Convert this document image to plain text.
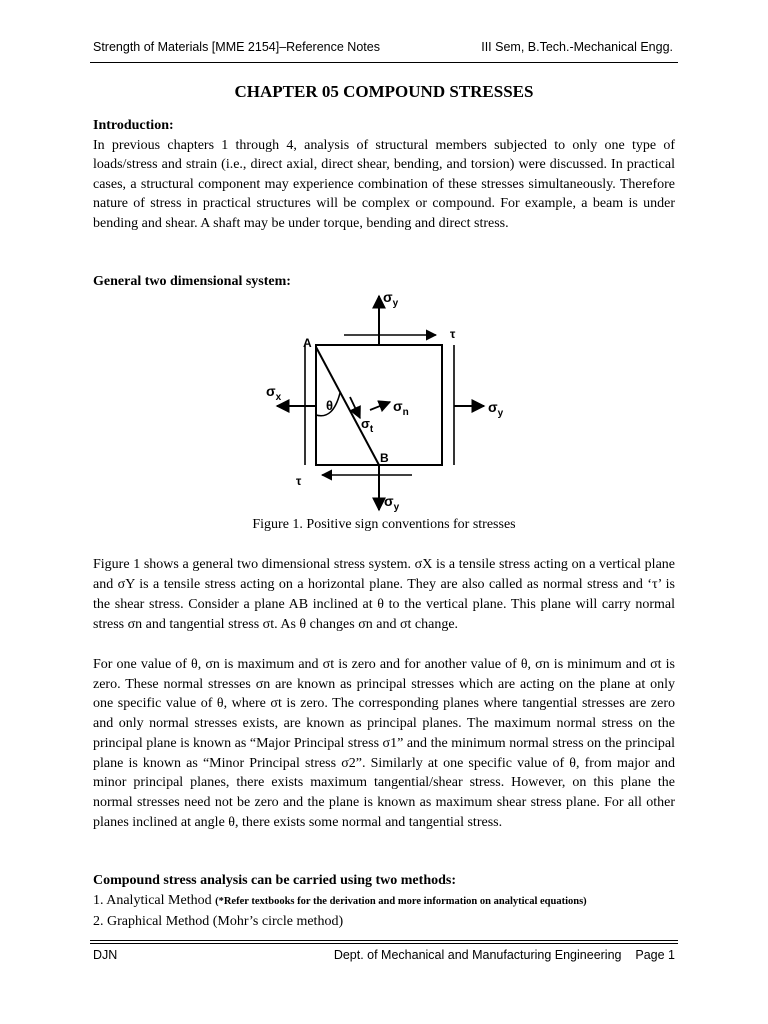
Strength of Materials [MME 2154]–Reference Notes	III Sem, B.Tech.-Mechanical Engg.
CHAPTER 05 COMPOUND STRESSES
Introduction:
In previous chapters 1 through 4, analysis of structural members subjected to only one type of loads/stress and strain (i.e., direct axial, direct shear, bending, and torsion) were discussed. In practical cases, a structural component may experience combination of these stresses simultaneously. Therefore nature of stress in practical structures will be complex or compound. For example, a beam is under bending and shear. A shaft may be under torque, bending and direct stress.
General two dimensional system:
$\sigma_y$
τ
A
$\sigma_x$
θ	$\sigma_n$
$\sigma_t$
$\sigma_y$
B
τ
$\sigma_y$
Figure 1. Positive sign conventions for stresses
Figure 1 shows a general two dimensional stress system. σX is a tensile stress acting on a vertical plane and σY is a tensile stress acting on a horizontal plane. They are also called as normal stress and ‘τ’ is the shear stress. Consider a plane AB inclined at θ to the vertical plane. This plane will carry normal stress σn and tangential stress σt. As θ changes σn and σt change.
For one value of θ, σn is maximum and σt is zero and for another value of θ, σn is minimum and σt is zero. These normal stresses σn are known as principal stresses which are acting on the plane at only one specific value of θ, where σt is zero. The corresponding planes where tangential stresses are zero and only normal stresses exists, are known as principal planes. The maximum normal stress on the principal plane is known as “Major Principal stress σ1” and the minimum normal stress on the principal plane is known as “Minor Principal stress σ2”. Similarly at one specific value of θ, from major and minor principal planes, there exists maximum tangential/shear stress. However, on this plane the normal stresses need not be zero and the plane is known as maximum shear stress plane. For all other planes inclined at angle θ, there exists some normal and tangential stress.
Compound stress analysis can be carried using two methods:
1. Analytical Method (*Refer textbooks for the derivation and more information on analytical equations)
2. Graphical Method (Mohr’s circle method)
DJN	Dept. of Mechanical and Manufacturing Engineering    Page 1
